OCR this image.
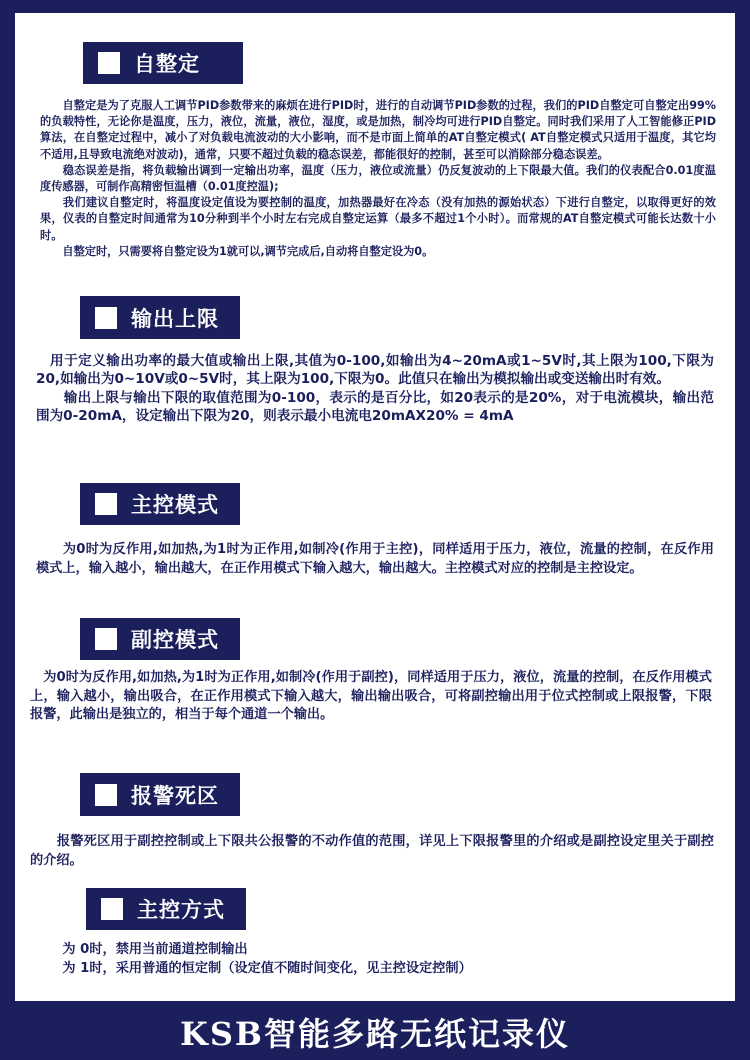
自整定

　　自整定是为了克服人工调节PID参数带来的麻烦在进行PID时，进行的自动调节PID参数的过程，我们的PID自整定可自整定出99%的负载特性，无论你是温度，压力，液位，流量，液位，湿度，或是加热，制冷均可进行PID自整定。同时我们采用了人工智能修正PID算法，在自整定过程中，减小了对负载电流波动的大小影响，而不是市面上简单的AT自整定模式( AT自整定模式只适用于温度，其它均不适用,且导致电流绝对波动)，通常，只要不超过负载的稳态误差，都能很好的控制，甚至可以消除部分稳态误差。

　　稳态误差是指，将负载输出调到一定输出功率，温度（压力，液位或流量）仍反复波动的上下限最大值。我们的仪表配合0.01度温度传感器，可制作高精密恒温槽（0.01度控温);

　　我们建议自整定时，将温度设定值设为要控制的温度，加热器最好在冷态（没有加热的源始状态）下进行自整定，以取得更好的效果，仪表的自整定时间通常为10分种到半个小时左右完成自整定运算（最多不超过1个小时）。而常规的AT自整定模式可能长达数十小时。

　　自整定时，只需要将自整定设为1就可以,调节完成后,自动将自整定设为0。

输出上限

　用于定义输出功率的最大值或输出上限,其值为0-100,如输出为4~20mA或1~5V时,其上限为100,下限为20,如输出为0~10V或0~5V时，其上限为100,下限为0。此值只在输出为模拟输出或变送输出时有效。

　　输出上限与输出下限的取值范围为0-100，表示的是百分比，如20表示的是20%，对于电流模块，输出范围为0-20mA，设定输出下限为20，则表示最小电流电20mAX20% = 4mA

主控模式

　　为0时为反作用,如加热,为1时为正作用,如制冷(作用于主控)，同样适用于压力，液位，流量的控制，在反作用模式上，输入越小，输出越大，在正作用模式下输入越大，输出越大。主控模式对应的控制是主控设定。

副控模式

　为0时为反作用,如加热,为1时为正作用,如制冷(作用于副控)，同样适用于压力，液位，流量的控制，在反作用模式上，输入越小，输出吸合，在正作用模式下输入越大，输出输出吸合，可将副控输出用于位式控制或上限报警，下限报警，此输出是独立的，相当于每个通道一个输出。

报警死区

　　报警死区用于副控控制或上下限共公报警的不动作值的范围，详见上下限报警里的介绍或是副控设定里关于副控的介绍。

主控方式

　　为 0时，禁用当前通道控制输出

　　为 1时，采用普通的恒定制（设定值不随时间变化，见主控设定控制）

KSB智能多路无纸记录仪
